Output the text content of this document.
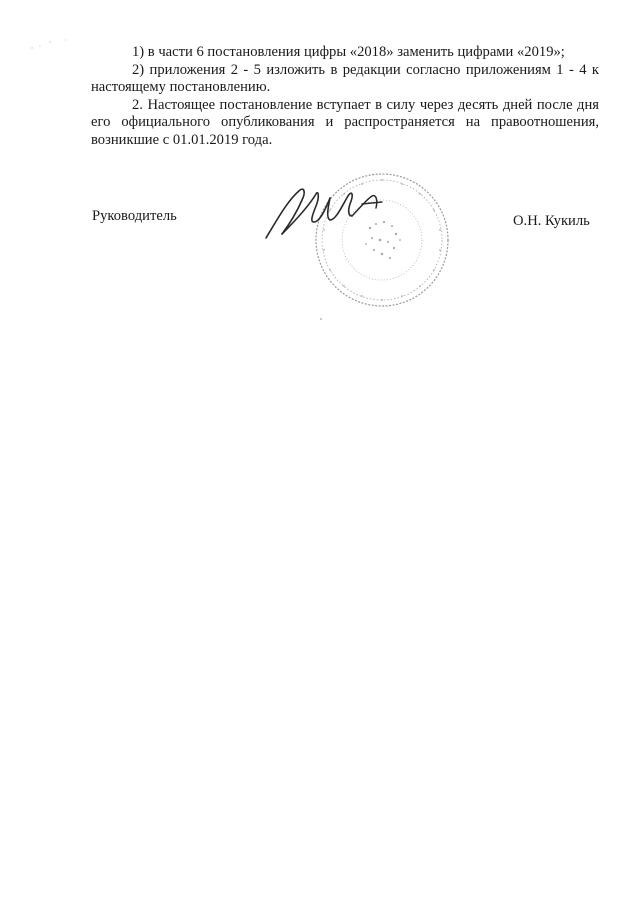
1) в части 6 постановления цифры «2018» заменить цифрами «2019»;

2) приложения 2 - 5 изложить в редакции согласно приложениям 1 - 4 к настоящему постановлению.

2. Настоящее постановление вступает в силу через десять дней после дня его официального опубликования и распространяется на правоотношения, возникшие с 01.01.2019 года.

Руководитель	О.Н. Кукиль
